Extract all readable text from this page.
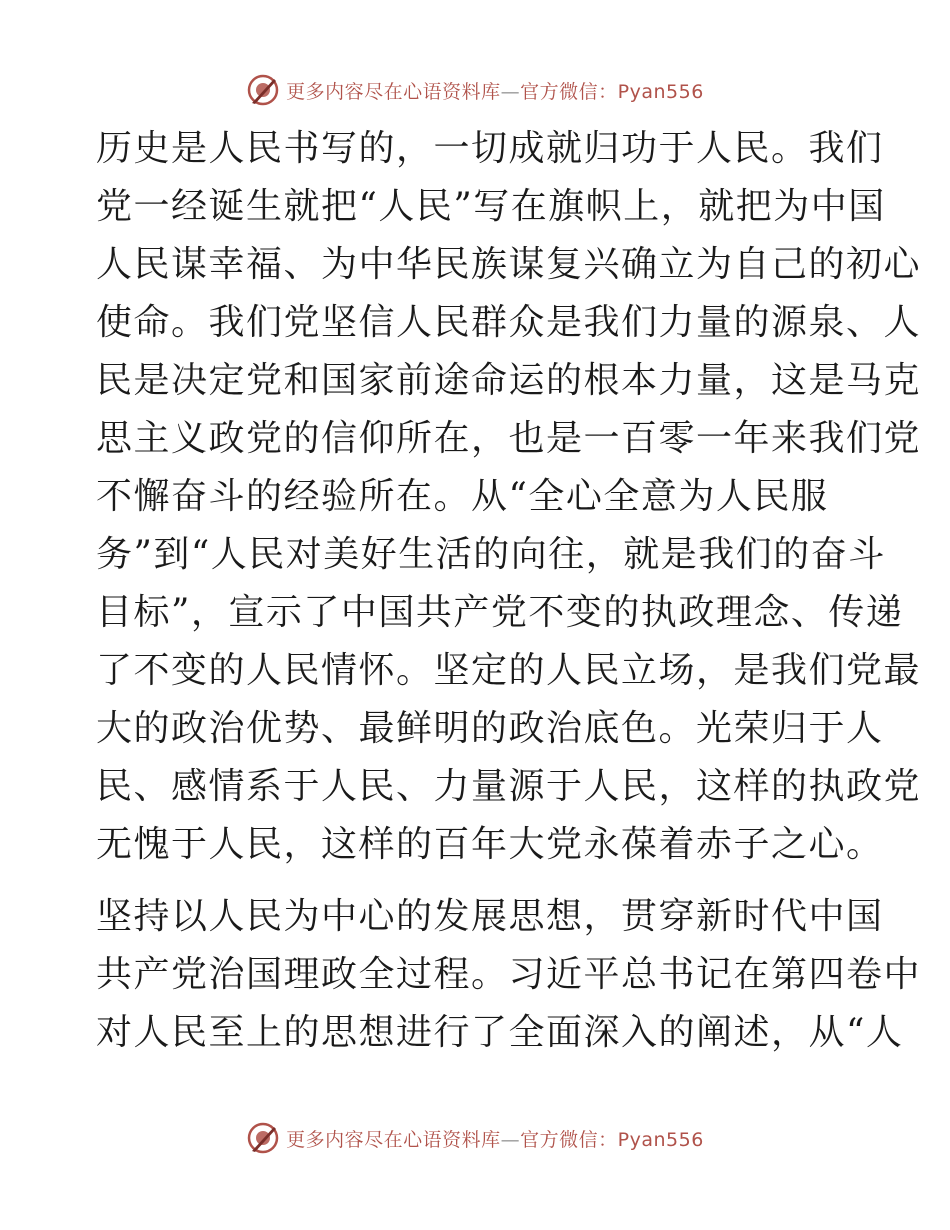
更多内容尽在心语资料库—官方微信：Pyan556
历史是人民书写的，一切成就归功于人民。我们
党一经诞生就把“人民”写在旗帜上，就把为中国
人民谋幸福、为中华民族谋复兴确立为自己的初心
使命。我们党坚信人民群众是我们力量的源泉、人
民是决定党和国家前途命运的根本力量，这是马克
思主义政党的信仰所在，也是一百零一年来我们党
不懈奋斗的经验所在。从“全心全意为人民服
务”到“人民对美好生活的向往，就是我们的奋斗
目标”，宣示了中国共产党不变的执政理念、传递
了不变的人民情怀。坚定的人民立场，是我们党最
大的政治优势、最鲜明的政治底色。光荣归于人
民、感情系于人民、力量源于人民，这样的执政党
无愧于人民，这样的百年大党永葆着赤子之心。
坚持以人民为中心的发展思想，贯穿新时代中国
共产党治国理政全过程。习近平总书记在第四卷中
对人民至上的思想进行了全面深入的阐述，从“人
更多内容尽在心语资料库—官方微信：Pyan556
